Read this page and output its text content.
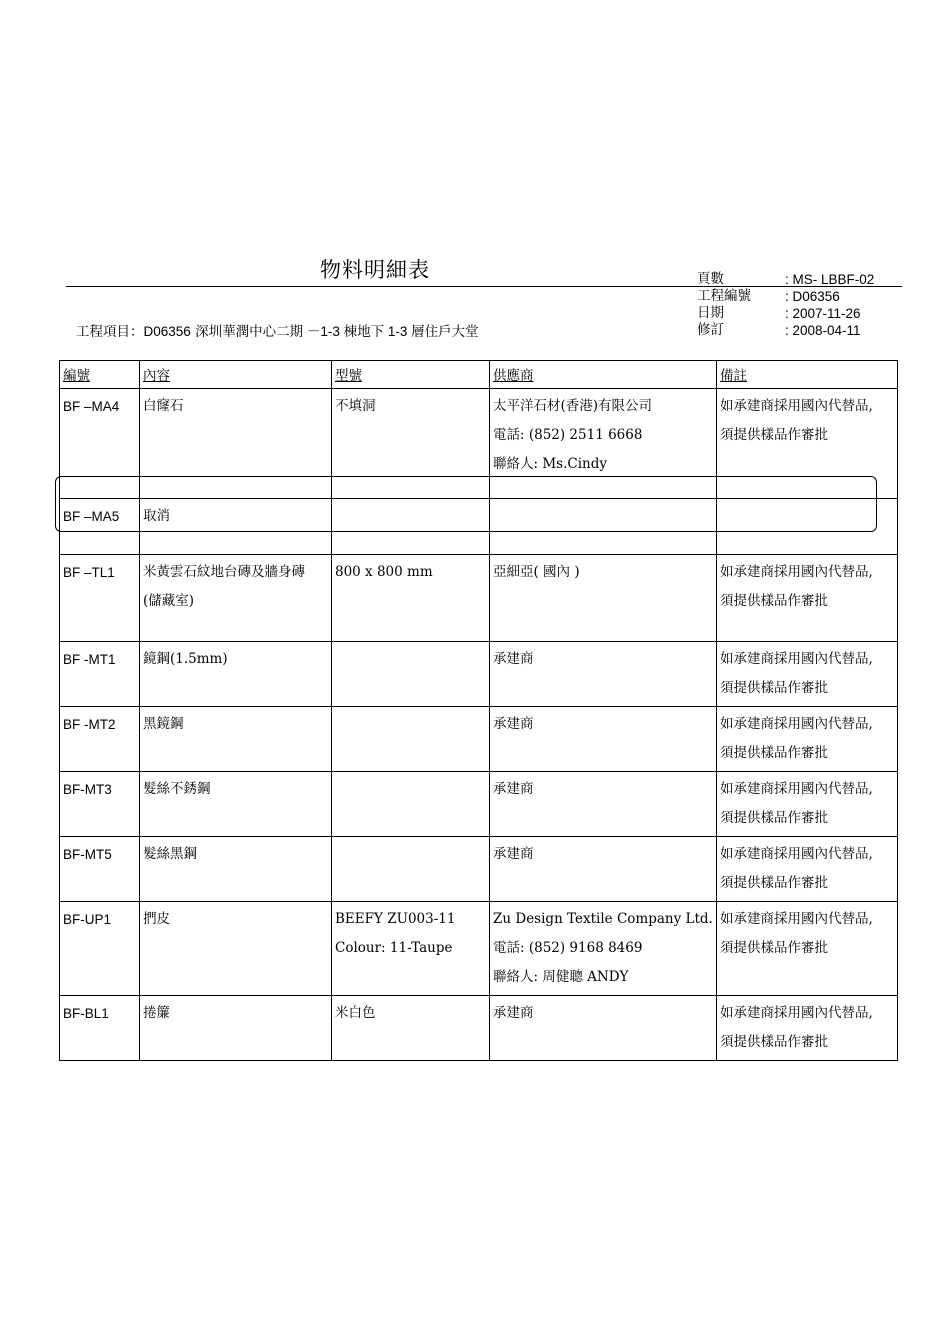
物料明細表	頁數	: MS- LBBF-02
工程編號	: D06356
日期	: 2007-11-26
修訂	: 2008-04-11
工程項目：D06356 深圳華潤中心二期 －1-3 棟地下 1-3 層住戶大堂
編號	內容	型號	供應商	備註
BF –MA4	白窿石	不填洞	太平洋石材(香港)有限公司
電話: (852) 2511 6668
聯絡人: Ms.Cindy	如承建商採用國內代替品,
須提供樣品作審批

BF –MA5	取消			

BF –TL1	米黃雲石紋地台磚及牆身磚
(儲藏室)	800 x 800 mm	亞細亞( 國內 )	如承建商採用國內代替品,
須提供樣品作審批

BF -MT1	鏡鋼(1.5mm)		承建商	如承建商採用國內代替品,
須提供樣品作審批

BF -MT2	黑鏡鋼		承建商	如承建商採用國內代替品,
須提供樣品作審批

BF-MT3	髮絲不銹鋼		承建商	如承建商採用國內代替品,
須提供樣品作審批

BF-MT5	髮絲黑鋼		承建商	如承建商採用國內代替品,
須提供樣品作審批

BF-UP1	捫皮	BEEFY ZU003-11
Colour: 11-Taupe	Zu Design Textile Company Ltd.
電話: (852) 9168 8469
聯絡人: 周健聰 ANDY	如承建商採用國內代替品,
須提供樣品作審批

BF-BL1	捲簾	米白色	承建商	如承建商採用國內代替品,
須提供樣品作審批
